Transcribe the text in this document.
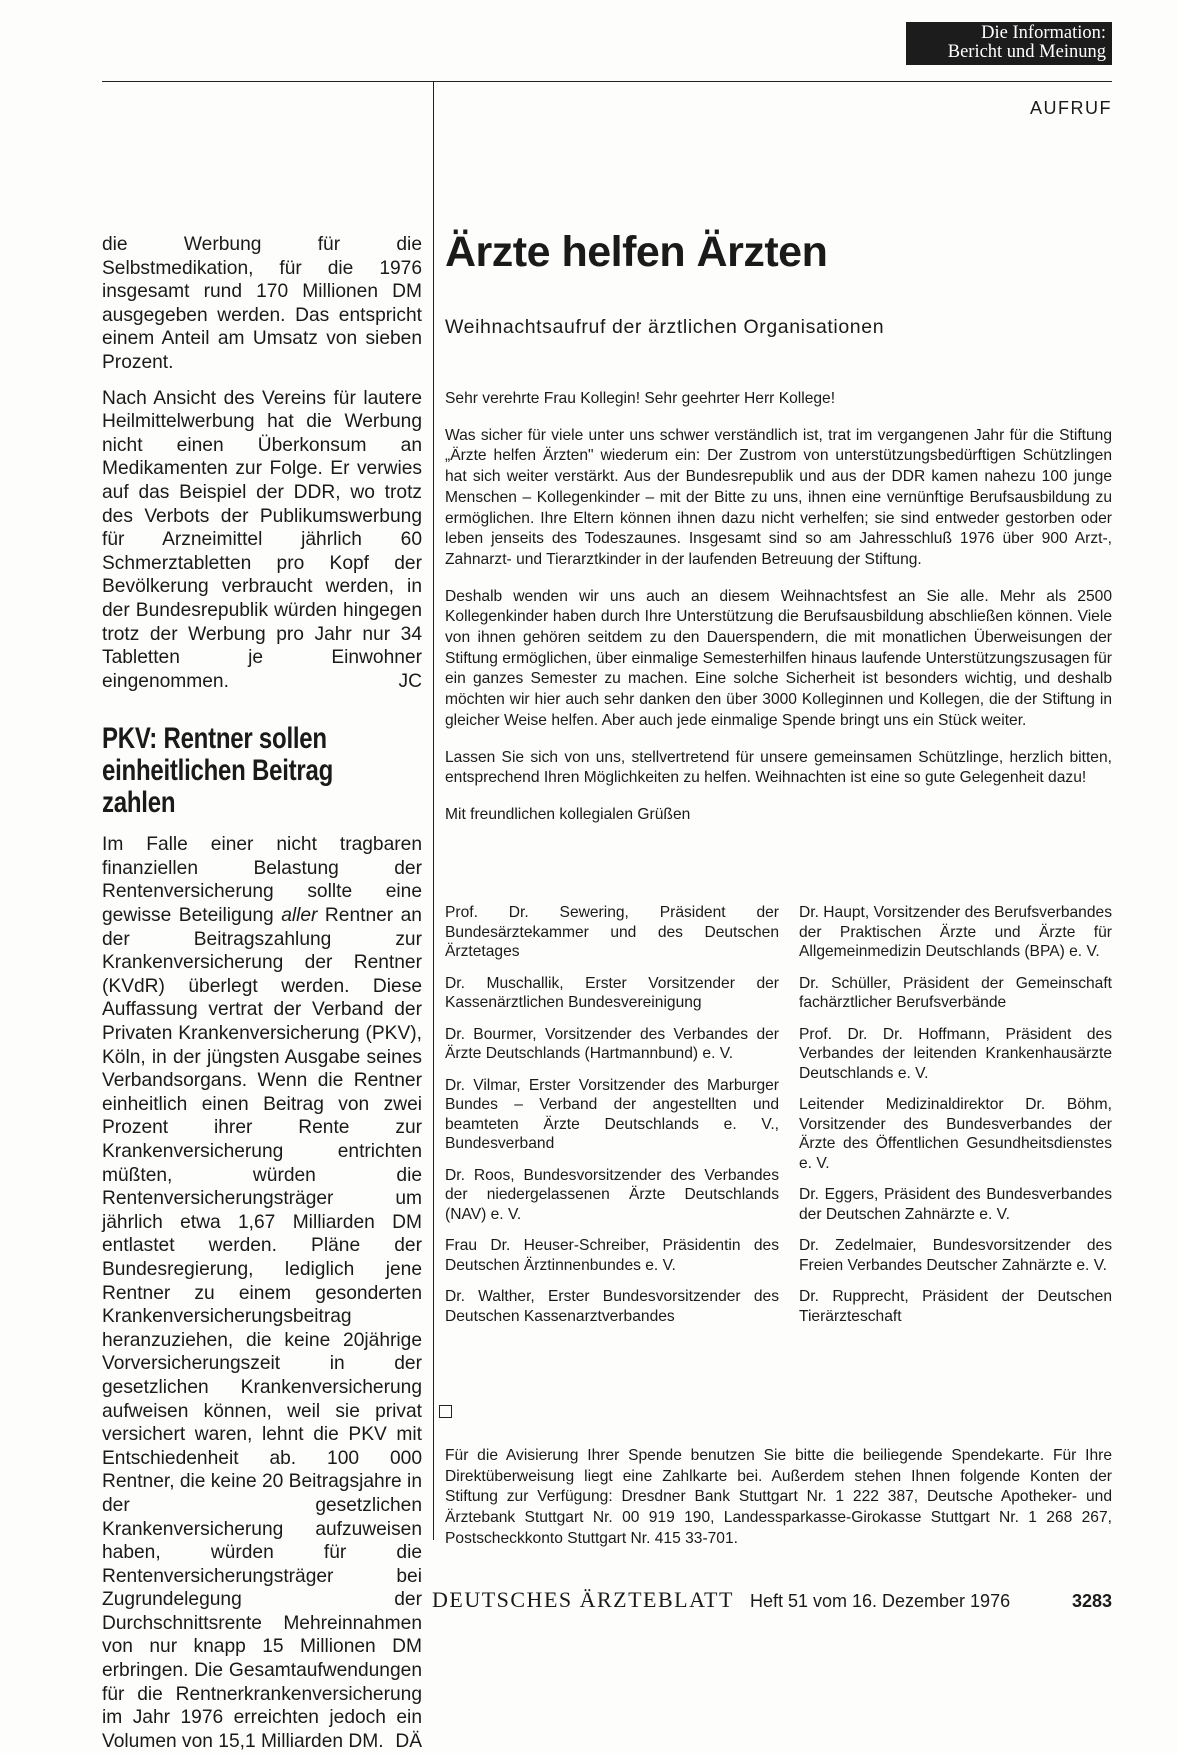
Die Information:
Bericht und Meinung
AUFRUF

die Werbung für die Selbstmedikation, für die 1976 insgesamt rund 170 Millionen DM ausgegeben werden. Das entspricht einem Anteil am Umsatz von sieben Prozent.

Nach Ansicht des Vereins für lautere Heilmittelwerbung hat die Werbung nicht einen Überkonsum an Medikamenten zur Folge. Er verwies auf das Beispiel der DDR, wo trotz des Verbots der Publikumswerbung für Arzneimittel jährlich 60 Schmerztabletten pro Kopf der Bevölkerung verbraucht werden, in der Bundesrepublik würden hingegen trotz der Werbung pro Jahr nur 34 Tabletten je Einwohner eingenommen.	JC

PKV: Rentner sollen
einheitlichen Beitrag
zahlen

Im Falle einer nicht tragbaren finanziellen Belastung der Rentenversicherung sollte eine gewisse Beteiligung aller Rentner an der Beitragszahlung zur Krankenversicherung der Rentner (KVdR) überlegt werden. Diese Auffassung vertrat der Verband der Privaten Krankenversicherung (PKV), Köln, in der jüngsten Ausgabe seines Verbandsorgans. Wenn die Rentner einheitlich einen Beitrag von zwei Prozent ihrer Rente zur Krankenversicherung entrichten müßten, würden die Rentenversicherungsträger um jährlich etwa 1,67 Milliarden DM entlastet werden. Pläne der Bundesregierung, lediglich jene Rentner zu einem gesonderten Krankenversicherungsbeitrag heranzuziehen, die keine 20jährige Vorversicherungszeit in der gesetzlichen Krankenversicherung aufweisen können, weil sie privat versichert waren, lehnt die PKV mit Entschiedenheit ab. 100 000 Rentner, die keine 20 Beitragsjahre in der gesetzlichen Krankenversicherung aufzuweisen haben, würden für die Rentenversicherungsträger bei Zugrundelegung der Durchschnittsrente Mehreinnahmen von nur knapp 15 Millionen DM erbringen. Die Gesamtaufwendungen für die Rentnerkrankenversicherung im Jahr 1976 erreichten jedoch ein Volumen von 15,1 Milliarden DM. DÄ

Ärzte helfen Ärzten
Weihnachtsaufruf der ärztlichen Organisationen

Sehr verehrte Frau Kollegin! Sehr geehrter Herr Kollege!

Was sicher für viele unter uns schwer verständlich ist, trat im vergangenen Jahr für die Stiftung „Ärzte helfen Ärzten" wiederum ein: Der Zustrom von unterstützungsbedürftigen Schützlingen hat sich weiter verstärkt. Aus der Bundesrepublik und aus der DDR kamen nahezu 100 junge Menschen – Kollegenkinder – mit der Bitte zu uns, ihnen eine vernünftige Berufsausbildung zu ermöglichen. Ihre Eltern können ihnen dazu nicht verhelfen; sie sind entweder gestorben oder leben jenseits des Todeszaunes. Insgesamt sind so am Jahresschluß 1976 über 900 Arzt-, Zahnarzt- und Tierarztkinder in der laufenden Betreuung der Stiftung.

Deshalb wenden wir uns auch an diesem Weihnachtsfest an Sie alle. Mehr als 2500 Kollegenkinder haben durch Ihre Unterstützung die Berufsausbildung abschließen können. Viele von ihnen gehören seitdem zu den Dauerspendern, die mit monatlichen Überweisungen der Stiftung ermöglichen, über einmalige Semesterhilfen hinaus laufende Unterstützungszusagen für ein ganzes Semester zu machen. Eine solche Sicherheit ist besonders wichtig, und deshalb möchten wir hier auch sehr danken den über 3000 Kolleginnen und Kollegen, die der Stiftung in gleicher Weise helfen. Aber auch jede einmalige Spende bringt uns ein Stück weiter.

Lassen Sie sich von uns, stellvertretend für unsere gemeinsamen Schützlinge, herzlich bitten, entsprechend Ihren Möglichkeiten zu helfen. Weihnachten ist eine so gute Gelegenheit dazu!

Mit freundlichen kollegialen Grüßen

Prof. Dr. Sewering, Präsident der Bundesärztekammer und des Deutschen Ärztetages
Dr. Muschallik, Erster Vorsitzender der Kassenärztlichen Bundesvereinigung
Dr. Bourmer, Vorsitzender des Verbandes der Ärzte Deutschlands (Hartmannbund) e. V.
Dr. Vilmar, Erster Vorsitzender des Marburger Bundes – Verband der angestellten und beamteten Ärzte Deutschlands e. V., Bundesverband
Dr. Roos, Bundesvorsitzender des Verbandes der niedergelassenen Ärzte Deutschlands (NAV) e. V.
Frau Dr. Heuser-Schreiber, Präsidentin des Deutschen Ärztinnenbundes e. V.
Dr. Walther, Erster Bundesvorsitzender des Deutschen Kassenarztverbandes
Dr. Haupt, Vorsitzender des Berufsverbandes der Praktischen Ärzte und Ärzte für Allgemeinmedizin Deutschlands (BPA) e. V.
Dr. Schüller, Präsident der Gemeinschaft fachärztlicher Berufsverbände
Prof. Dr. Dr. Hoffmann, Präsident des Verbandes der leitenden Krankenhausärzte Deutschlands e. V.
Leitender Medizinaldirektor Dr. Böhm, Vorsitzender des Bundesverbandes der Ärzte des Öffentlichen Gesundheitsdienstes e. V.
Dr. Eggers, Präsident des Bundesverbandes der Deutschen Zahnärzte e. V.
Dr. Zedelmaier, Bundesvorsitzender des Freien Verbandes Deutscher Zahnärzte e. V.
Dr. Rupprecht, Präsident der Deutschen Tierärzteschaft

Für die Avisierung Ihrer Spende benutzen Sie bitte die beiliegende Spendekarte. Für Ihre Direktüberweisung liegt eine Zahlkarte bei. Außerdem stehen Ihnen folgende Konten der Stiftung zur Verfügung: Dresdner Bank Stuttgart Nr. 1 222 387, Deutsche Apotheker- und Ärztebank Stuttgart Nr. 00 919 190, Landessparkasse-Girokasse Stuttgart Nr. 1 268 267, Postscheckkonto Stuttgart Nr. 415 33-701.

DEUTSCHES ÄRZTEBLATT Heft 51 vom 16. Dezember 1976	3283
